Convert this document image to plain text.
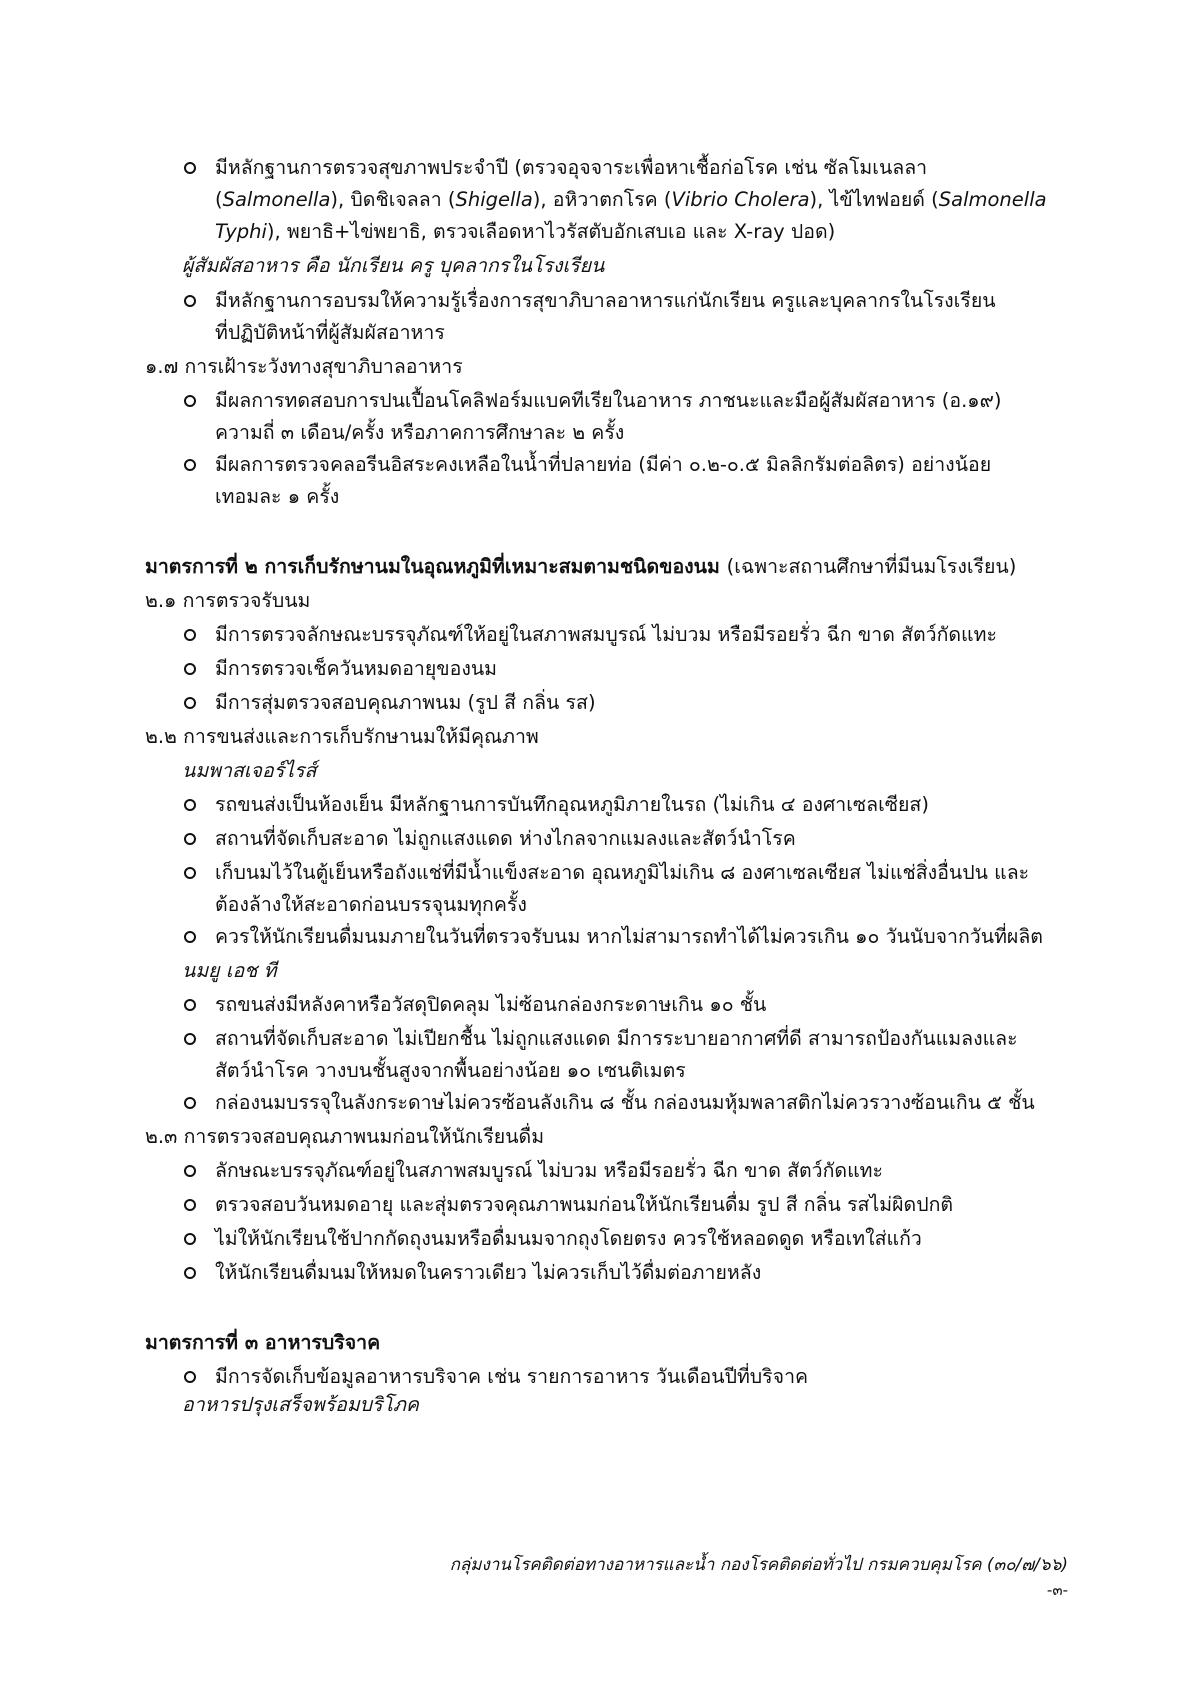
มีหลักฐานการตรวจสุขภาพประจำปี (ตรวจอุจจาระเพื่อหาเชื้อก่อโรค เช่น ซัลโมเนลลา
(Salmonella), บิดชิเจลลา (Shigella), อหิวาตกโรค (Vibrio Cholera), ไข้ไทฟอยด์ (Salmonella
Typhi), พยาธิ+ไข่พยาธิ, ตรวจเลือดหาไวรัสตับอักเสบเอ และ X-ray ปอด)
ผู้สัมผัสอาหาร คือ นักเรียน ครู บุคลากรในโรงเรียน
มีหลักฐานการอบรมให้ความรู้เรื่องการสุขาภิบาลอาหารแก่นักเรียน ครูและบุคลากรในโรงเรียน
ที่ปฏิบัติหน้าที่ผู้สัมผัสอาหาร
๑.๗ การเฝ้าระวังทางสุขาภิบาลอาหาร
มีผลการทดสอบการปนเปื้อนโคลิฟอร์มแบคทีเรียในอาหาร ภาชนะและมือผู้สัมผัสอาหาร (อ.๑๙)
ความถี่ ๓ เดือน/ครั้ง หรือภาคการศึกษาละ ๒ ครั้ง
มีผลการตรวจคลอรีนอิสระคงเหลือในน้ำที่ปลายท่อ (มีค่า ๐.๒-๐.๕ มิลลิกรัมต่อลิตร) อย่างน้อย
เทอมละ ๑ ครั้ง
มาตรการที่ ๒ การเก็บรักษานมในอุณหภูมิที่เหมาะสมตามชนิดของนม (เฉพาะสถานศึกษาที่มีนมโรงเรียน)
๒.๑ การตรวจรับนม
มีการตรวจลักษณะบรรจุภัณฑ์ให้อยู่ในสภาพสมบูรณ์ ไม่บวม หรือมีรอยรั่ว ฉีก ขาด สัตว์กัดแทะ
มีการตรวจเช็ควันหมดอายุของนม
มีการสุ่มตรวจสอบคุณภาพนม (รูป สี กลิ่น รส)
๒.๒ การขนส่งและการเก็บรักษานมให้มีคุณภาพ
นมพาสเจอร์ไรส์
รถขนส่งเป็นห้องเย็น มีหลักฐานการบันทึกอุณหภูมิภายในรถ (ไม่เกิน ๔ องศาเซลเซียส)
สถานที่จัดเก็บสะอาด ไม่ถูกแสงแดด ห่างไกลจากแมลงและสัตว์นำโรค
เก็บนมไว้ในตู้เย็นหรือถังแช่ที่มีน้ำแข็งสะอาด อุณหภูมิไม่เกิน ๘ องศาเซลเซียส ไม่แช่สิ่งอื่นปน และ
ต้องล้างให้สะอาดก่อนบรรจุนมทุกครั้ง
ควรให้นักเรียนดื่มนมภายในวันที่ตรวจรับนม หากไม่สามารถทำได้ไม่ควรเกิน ๑๐ วันนับจากวันที่ผลิต
นมยู เอช ที
รถขนส่งมีหลังคาหรือวัสดุปิดคลุม ไม่ซ้อนกล่องกระดาษเกิน ๑๐ ชั้น
สถานที่จัดเก็บสะอาด ไม่เปียกชื้น ไม่ถูกแสงแดด มีการระบายอากาศที่ดี สามารถป้องกันแมลงและ
สัตว์นำโรค วางบนชั้นสูงจากพื้นอย่างน้อย ๑๐ เซนติเมตร
กล่องนมบรรจุในลังกระดาษไม่ควรซ้อนลังเกิน ๘ ชั้น กล่องนมหุ้มพลาสติกไม่ควรวางซ้อนเกิน ๕ ชั้น
๒.๓ การตรวจสอบคุณภาพนมก่อนให้นักเรียนดื่ม
ลักษณะบรรจุภัณฑ์อยู่ในสภาพสมบูรณ์ ไม่บวม หรือมีรอยรั่ว ฉีก ขาด สัตว์กัดแทะ
ตรวจสอบวันหมดอายุ และสุ่มตรวจคุณภาพนมก่อนให้นักเรียนดื่ม รูป สี กลิ่น รสไม่ผิดปกติ
ไม่ให้นักเรียนใช้ปากกัดถุงนมหรือดื่มนมจากถุงโดยตรง ควรใช้หลอดดูด หรือเทใส่แก้ว
ให้นักเรียนดื่มนมให้หมดในคราวเดียว ไม่ควรเก็บไว้ดื่มต่อภายหลัง
มาตรการที่ ๓ อาหารบริจาค
มีการจัดเก็บข้อมูลอาหารบริจาค เช่น รายการอาหาร วันเดือนปีที่บริจาค
อาหารปรุงเสร็จพร้อมบริโภค
กลุ่มงานโรคติดต่อทางอาหารและน้ำ กองโรคติดต่อทั่วไป กรมควบคุมโรค (๓๐/๗/๖๖)
-๓-
